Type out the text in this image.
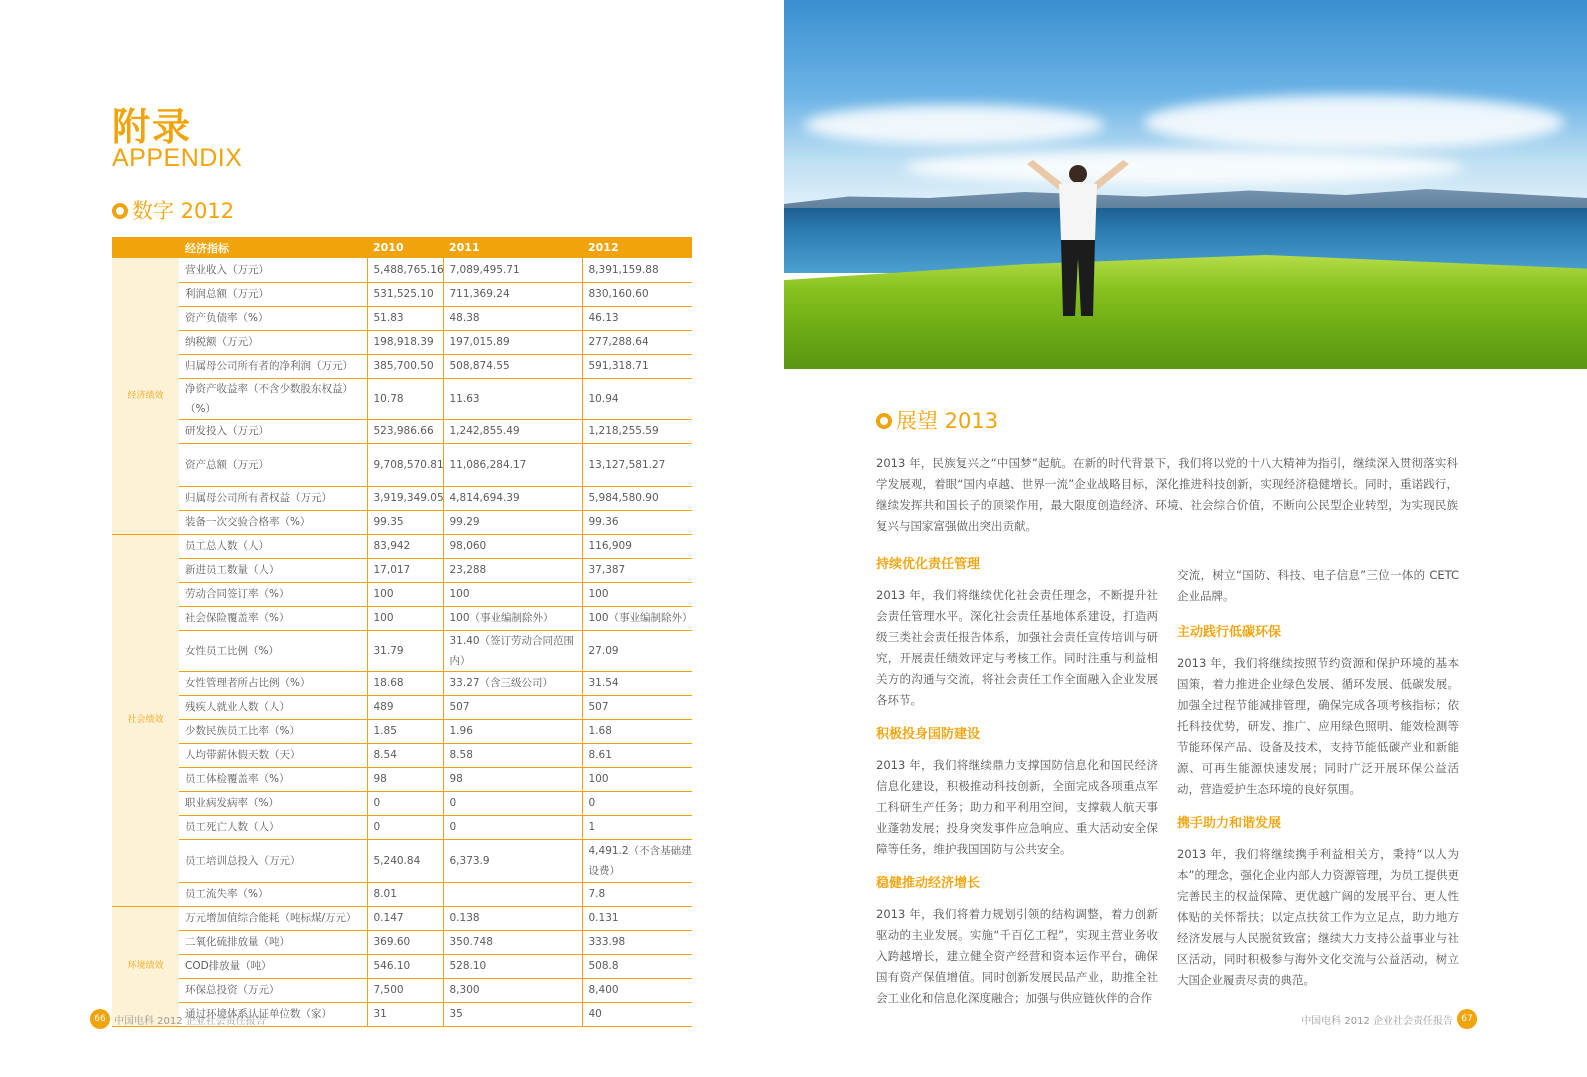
附录
APPENDIX
数字 2012
	经济指标	2010	2011	2012
经济绩效	营业收入（万元）	5,488,765.16	7,089,495.71	8,391,159.88
	利润总额（万元）	531,525.10	711,369.24	830,160.60
	资产负债率（%）	51.83	48.38	46.13
	纳税额（万元）	198,918.39	197,015.89	277,288.64
	归属母公司所有者的净利润（万元）	385,700.50	508,874.55	591,318.71
	净资产收益率（不含少数股东权益）（%）	10.78	11.63	10.94
	研发投入（万元）	523,986.66	1,242,855.49	1,218,255.59
	资产总额（万元）	9,708,570.81	11,086,284.17	13,127,581.27
	归属母公司所有者权益（万元）	3,919,349.05	4,814,694.39	5,984,580.90
	装备一次交验合格率（%）	99.35	99.29	99.36
社会绩效	员工总人数（人）	83,942	98,060	116,909
	新进员工数量（人）	17,017	23,288	37,387
	劳动合同签订率（%）	100	100	100
	社会保险覆盖率（%）	100	100（事业编制除外）	100（事业编制除外）
	女性员工比例（%）	31.79	31.40（签订劳动合同范围内）	27.09
	女性管理者所占比例（%）	18.68	33.27（含三级公司）	31.54
	残疾人就业人数（人）	489	507	507
	少数民族员工比率（%）	1.85	1.96	1.68
	人均带薪休假天数（天）	8.54	8.58	8.61
	员工体检覆盖率（%）	98	98	100
	职业病发病率（%）	0	0	0
	员工死亡人数（人）	0	0	1
	员工培训总投入（万元）	5,240.84	6,373.9	4,491.2（不含基础建设费）
	员工流失率（%）	8.01		7.8
环境绩效	万元增加值综合能耗（吨标煤/万元）	0.147	0.138	0.131
	二氧化硫排放量（吨）	369.60	350.748	333.98
	COD排放量（吨）	546.10	528.10	508.8
	环保总投资（万元）	7,500	8,300	8,400
	通过环境体系认证单位数（家）	31	35	40
66 中国电科 2012 企业社会责任报告
展望 2013
2013 年，民族复兴之“中国梦”起航。在新的时代背景下，我们将以党的十八大精神为指引，继续深入贯彻落实科学发展观，着眼“国内卓越、世界一流”企业战略目标，深化推进科技创新，实现经济稳健增长。同时，重诺践行，继续发挥共和国长子的顶梁作用，最大限度创造经济、环境、社会综合价值，不断向公民型企业转型，为实现民族复兴与国家富强做出突出贡献。
持续优化责任管理

2013 年，我们将继续优化社会责任理念，不断提升社会责任管理水平。深化社会责任基地体系建设，打造两级三类社会责任报告体系，加强社会责任宣传培训与研究，开展责任绩效评定与考核工作。同时注重与利益相关方的沟通与交流，将社会责任工作全面融入企业发展各环节。

积极投身国防建设

2013 年，我们将继续鼎力支撑国防信息化和国民经济信息化建设，积极推动科技创新，全面完成各项重点军工科研生产任务；助力和平利用空间，支撑载人航天事业蓬勃发展；投身突发事件应急响应、重大活动安全保障等任务，维护我国国防与公共安全。

稳健推动经济增长

2013 年，我们将着力规划引领的结构调整，着力创新驱动的主业发展。实施“千百亿工程”，实现主营业务收入跨越增长，建立健全资产经营和资本运作平台，确保国有资产保值增值。同时创新发展民品产业，助推全社会工业化和信息化深度融合；加强与供应链伙伴的合作

交流，树立“国防、科技、电子信息”三位一体的 CETC 企业品牌。

主动践行低碳环保

2013 年，我们将继续按照节约资源和保护环境的基本国策，着力推进企业绿色发展、循环发展、低碳发展。加强全过程节能减排管理，确保完成各项考核指标；依托科技优势，研发、推广、应用绿色照明、能效检测等节能环保产品、设备及技术，支持节能低碳产业和新能源、可再生能源快速发展；同时广泛开展环保公益活动，营造爱护生态环境的良好氛围。

携手助力和谐发展

2013 年，我们将继续携手利益相关方，秉持“以人为本”的理念，强化企业内部人力资源管理，为员工提供更完善民主的权益保障、更优越广阔的发展平台、更人性体贴的关怀帮扶；以定点扶贫工作为立足点，助力地方经济发展与人民脱贫致富；继续大力支持公益事业与社区活动，同时积极参与海外文化交流与公益活动，树立大国企业履责尽责的典范。

中国电科 2012 企业社会责任报告 67
